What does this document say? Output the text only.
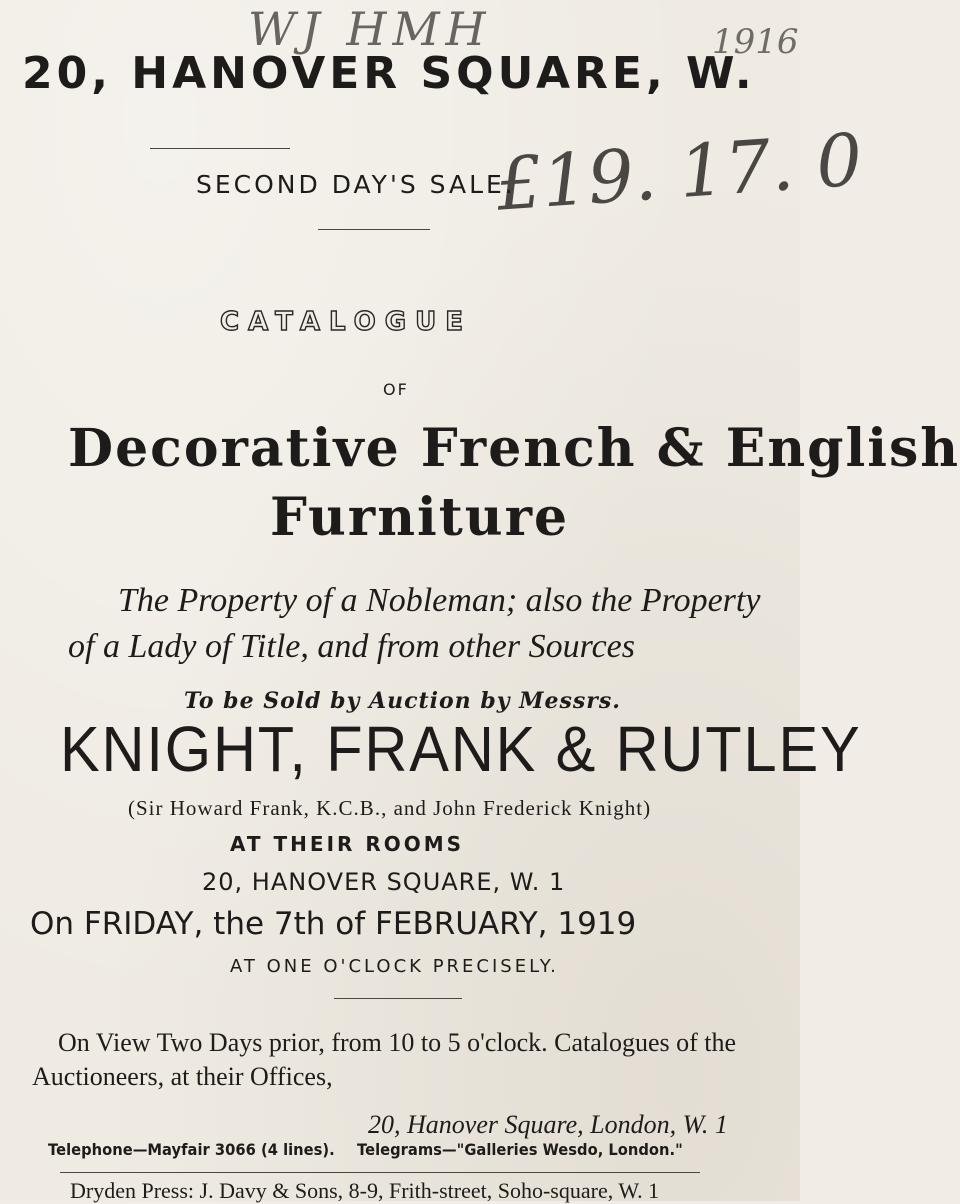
WJ HMH	1916
20, HANOVER SQUARE, W.
£19. 17. 0
SECOND DAY'S SALE.
CATALOGUE
OF
Decorative French & English
Furniture
The Property of a Nobleman; also the Property
of a Lady of Title, and from other Sources
To be Sold by Auction by Messrs.
KNIGHT, FRANK & RUTLEY
(Sir Howard Frank, K.C.B., and John Frederick Knight)
AT THEIR ROOMS
20, HANOVER SQUARE, W. 1
On FRIDAY, the 7th of FEBRUARY, 1919
AT ONE O'CLOCK PRECISELY.
On View Two Days prior, from 10 to 5 o'clock. Catalogues of the
Auctioneers, at their Offices,
20, Hanover Square, London, W. 1
Telephone—Mayfair 3066 (4 lines). Telegrams—"Galleries Wesdo, London."
Dryden Press: J. Davy & Sons, 8-9, Frith-street, Soho-square, W. 1
